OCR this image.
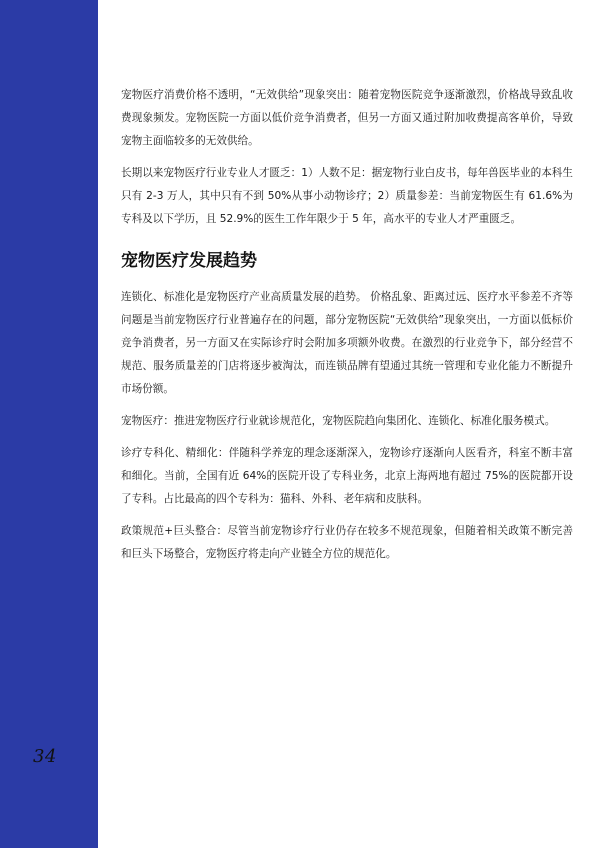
34

宠物医疗消费价格不透明，“无效供给”现象突出：随着宠物医院竞争逐渐激烈，价格战导致乱收费现象频发。宠物医院一方面以低价竞争消费者，但另一方面又通过附加收费提高客单价，导致宠物主面临较多的无效供给。

长期以来宠物医疗行业专业人才匮乏：1）人数不足：据宠物行业白皮书，每年兽医毕业的本科生只有 2-3 万人，其中只有不到 50%从事小动物诊疗；2）质量参差：当前宠物医生有 61.6%为专科及以下学历，且 52.9%的医生工作年限少于 5 年，高水平的专业人才严重匮乏。

宠物医疗发展趋势

连锁化、标准化是宠物医疗产业高质量发展的趋势。 价格乱象、距离过远、医疗水平参差不齐等问题是当前宠物医疗行业普遍存在的问题，部分宠物医院“无效供给”现象突出，一方面以低标价竞争消费者，另一方面又在实际诊疗时会附加多项额外收费。在激烈的行业竞争下，部分经营不规范、服务质量差的门店将逐步被淘汰，而连锁品牌有望通过其统一管理和专业化能力不断提升市场份额。

宠物医疗：推进宠物医疗行业就诊规范化，宠物医院趋向集团化、连锁化、标准化服务模式。

诊疗专科化、精细化：伴随科学养宠的理念逐渐深入，宠物诊疗逐渐向人医看齐，科室不断丰富和细化。当前，全国有近 64%的医院开设了专科业务，北京上海两地有超过 75%的医院都开设了专科。占比最高的四个专科为：猫科、外科、老年病和皮肤科。

政策规范+巨头整合：尽管当前宠物诊疗行业仍存在较多不规范现象，但随着相关政策不断完善和巨头下场整合，宠物医疗将走向产业链全方位的规范化。
